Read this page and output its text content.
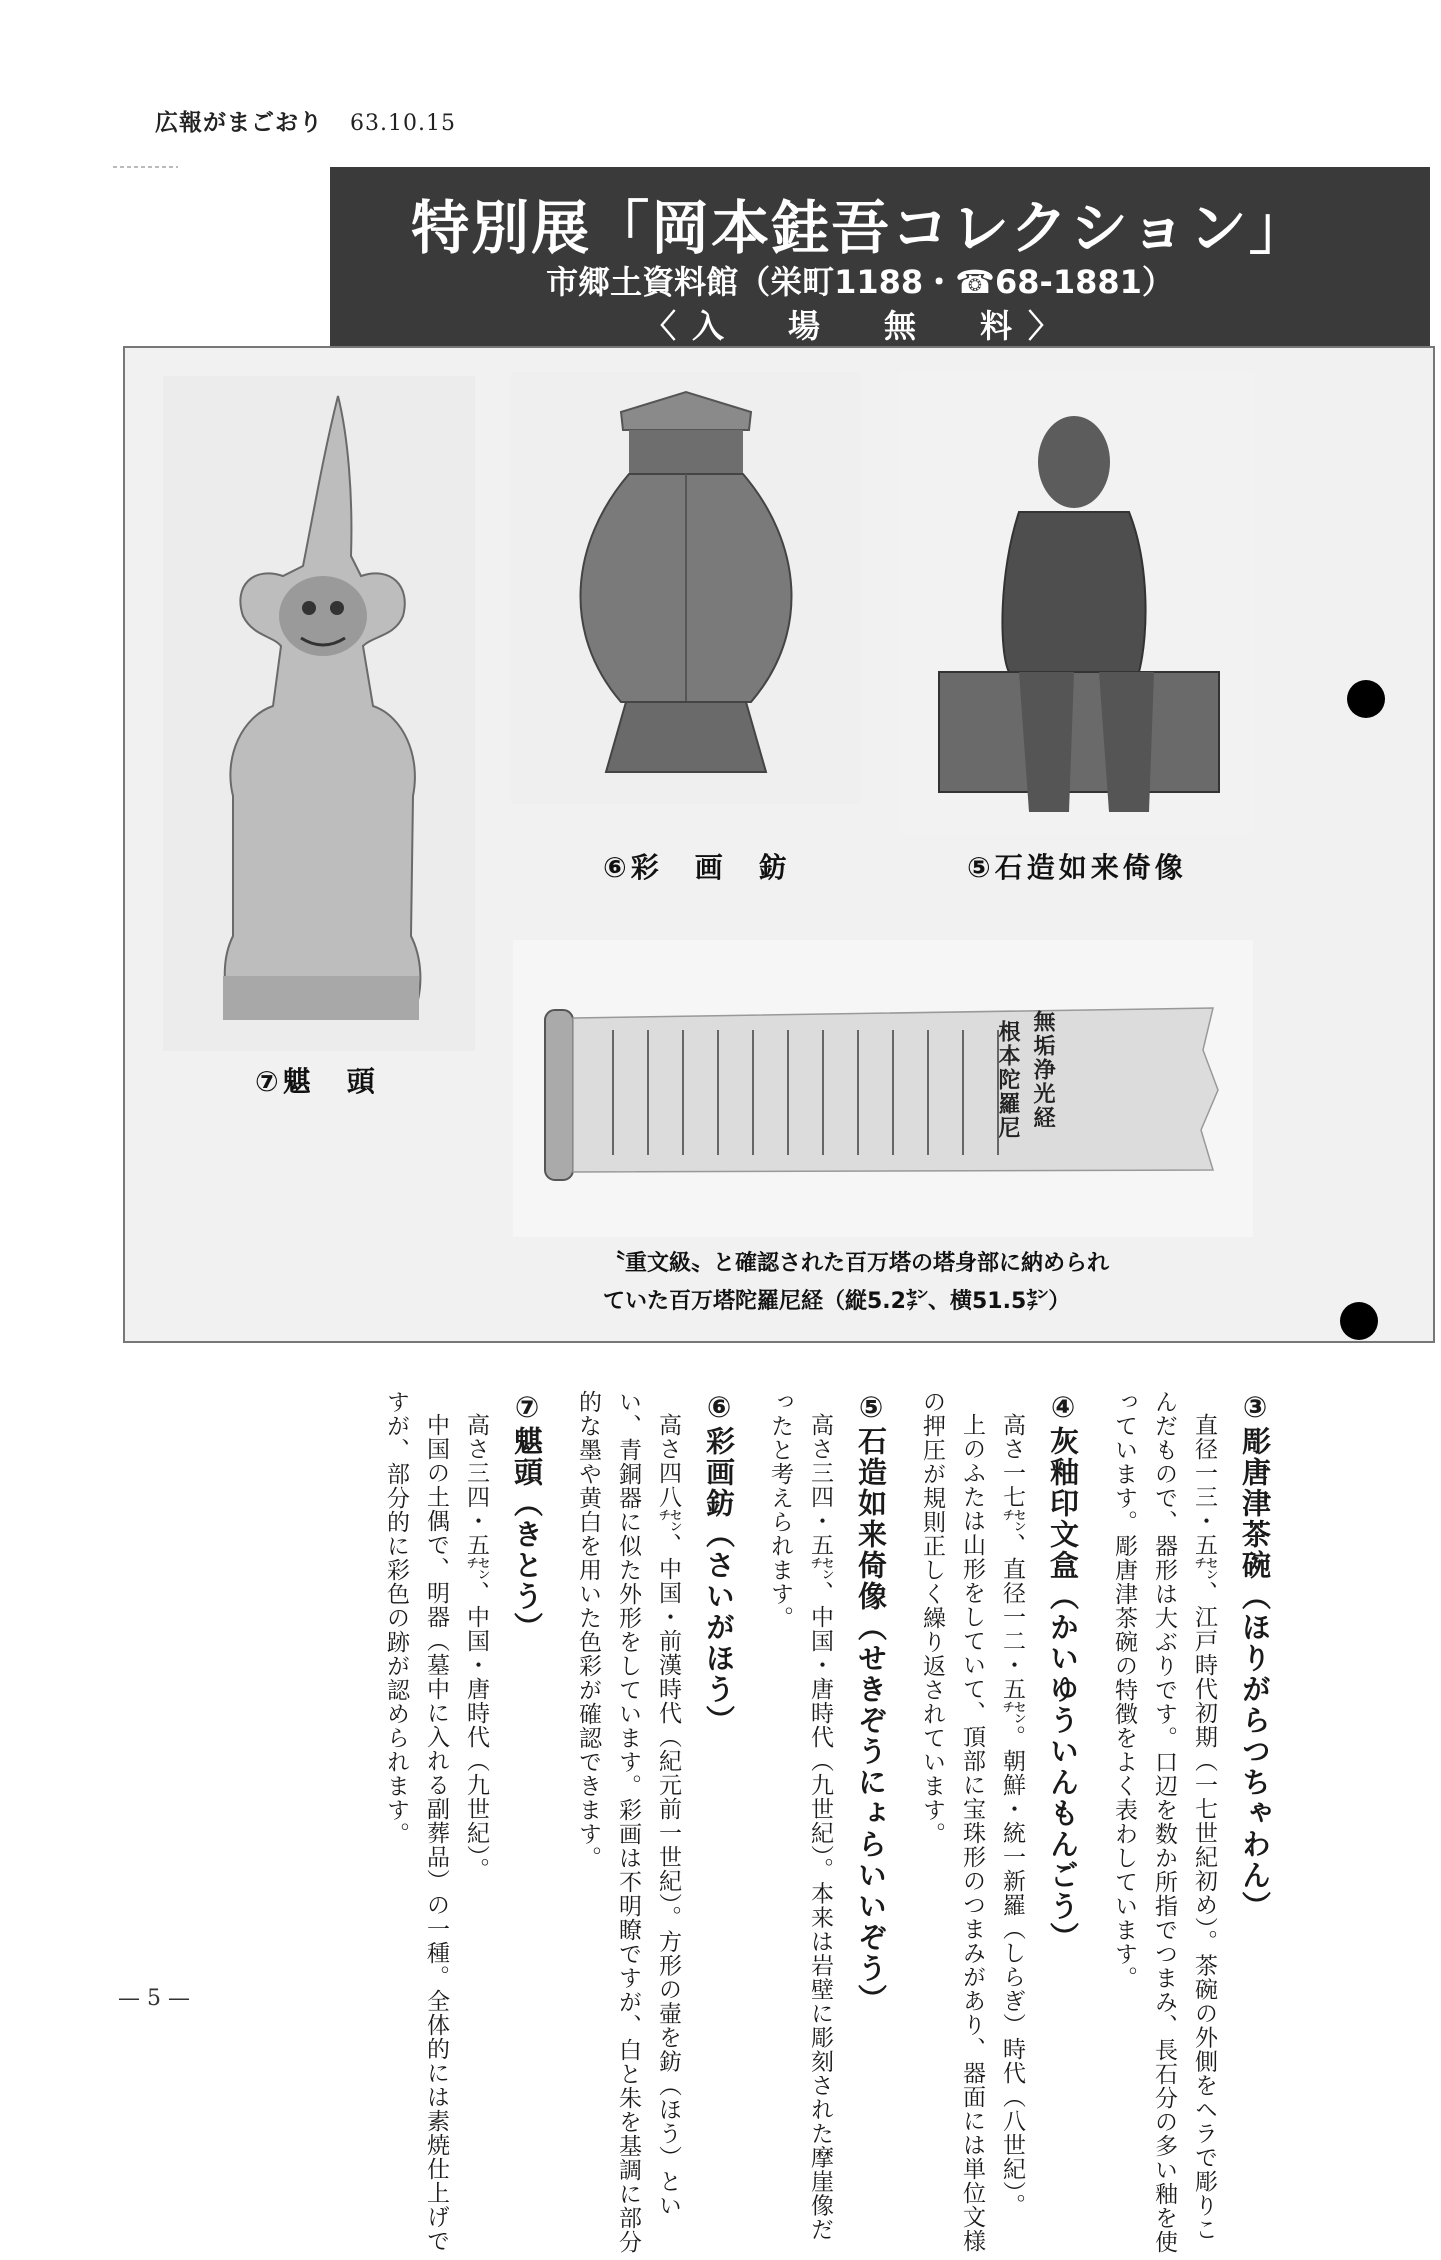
広報がまごおり 63.10.15
特別展「岡本銈吾コレクション」
市郷土資料館（栄町1188・☎68-1881）
〈入　場　無　料〉
⑦魌　頭
⑥彩　画　鈁	⑤石造如来倚像
無垢浄光経
根本陀羅尼
〝重文級〟と確認された百万塔の塔身部に納められ
ていた百万塔陀羅尼経（縦5.2㌢、横51.5㌢）
③彫唐津茶碗（ほりがらつちゃわん）
直径一三・五㌢、江戸時代初期（一七世紀初め）。茶碗の外側をヘラで彫りこんだもので、器形は大ぶりです。口辺を数か所指でつまみ、長石分の多い釉を使っています。彫唐津茶碗の特徴をよく表わしています。
④灰釉印文盒（かいゆういんもんごう）
高さ一七㌢、直径一二・五㌢。朝鮮・統一新羅（しらぎ）時代（八世紀）。
上のふたは山形をしていて、頂部に宝珠形のつまみがあり、器面には単位文様の押圧が規則正しく繰り返されています。
⑤石造如来倚像（せきぞうにょらいいぞう）
高さ三四・五㌢、中国・唐時代（九世紀）。本来は岩壁に彫刻された摩崖像だったと考えられます。
⑥彩画鈁（さいがほう）
高さ四八㌢、中国・前漢時代（紀元前一世紀）。方形の壷を鈁（ほう）といい、青銅器に似た外形をしています。彩画は不明瞭ですが、白と朱を基調に部分的な墨や黄白を用いた色彩が確認できます。
⑦魌頭（きとう）
高さ三四・五㌢、中国・唐時代（九世紀）。
中国の土偶で、明器（墓中に入れる副葬品）の一種。全体的には素焼仕上げですが、部分的に彩色の跡が認められます。
— 5 —
